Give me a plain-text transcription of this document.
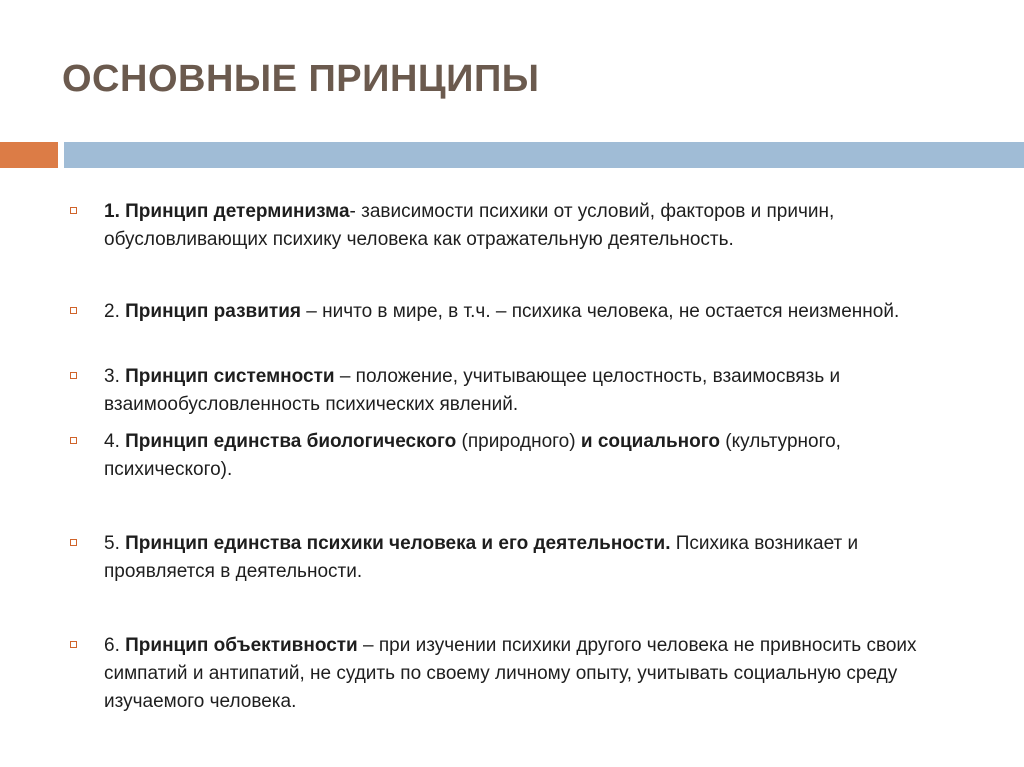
ОСНОВНЫЕ ПРИНЦИПЫ
1. Принцип детерминизма- зависимости психики от условий, факторов и причин, обусловливающих психику человека как отражательную деятельность.
2. Принцип развития – ничто в мире, в т.ч. – психика человека, не остается неизменной.
3. Принцип системности – положение, учитывающее целостность, взаимосвязь и взаимообусловленность психических явлений.
4. Принцип единства биологического (природного) и социального (культурного, психического).
5. Принцип единства психики человека и его деятельности. Психика возникает и проявляется в деятельности.
6. Принцип объективности – при изучении психики другого человека не привносить своих симпатий и антипатий, не судить по своему личному опыту, учитывать социальную среду изучаемого человека.
